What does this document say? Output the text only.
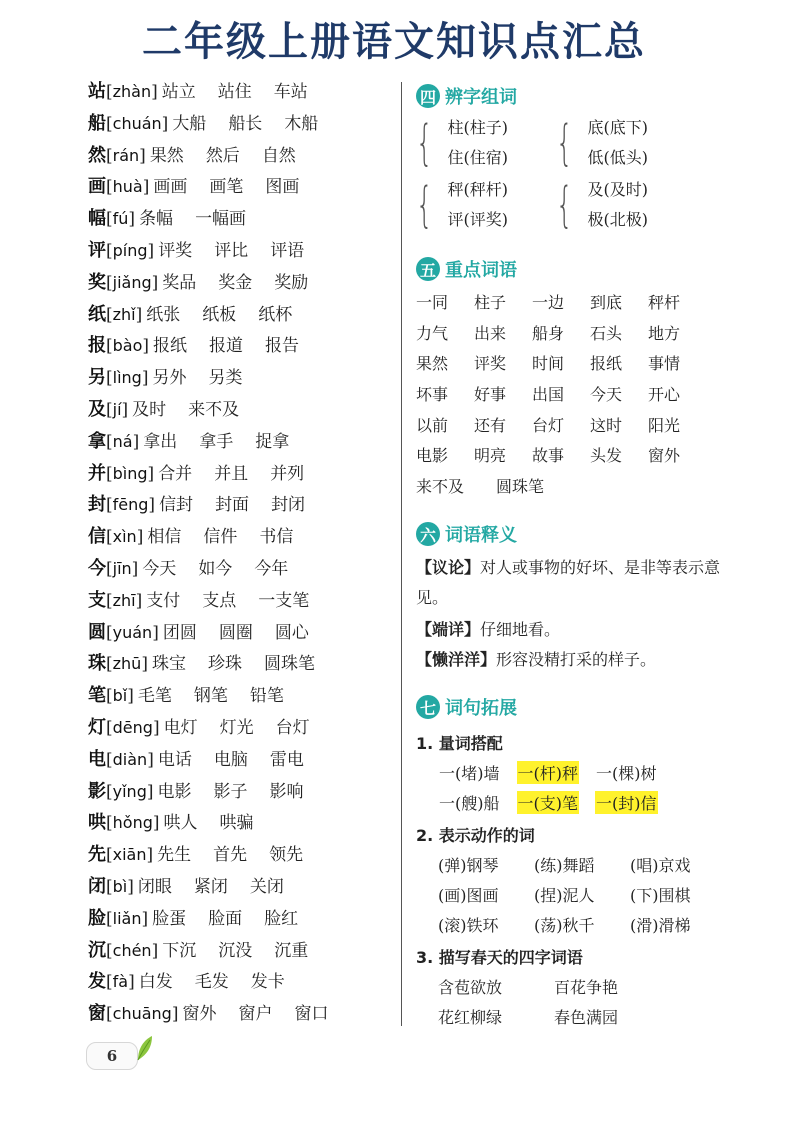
二年级上册语文知识点汇总
站[zhàn] 站立 站住 车站
船[chuán] 大船 船长 木船
然[rán] 果然 然后 自然
画[huà] 画画 画笔 图画
幅[fú] 条幅 一幅画
评[píng] 评奖 评比 评语
奖[jiǎng] 奖品 奖金 奖励
纸[zhǐ] 纸张 纸板 纸杯
报[bào] 报纸 报道 报告
另[lìng] 另外 另类
及[jí] 及时 来不及
拿[ná] 拿出 拿手 捉拿
并[bìng] 合并 并且 并列
封[fēng] 信封 封面 封闭
信[xìn] 相信 信件 书信
今[jīn] 今天 如今 今年
支[zhī] 支付 支点 一支笔
圆[yuán] 团圆 圆圈 圆心
珠[zhū] 珠宝 珍珠 圆珠笔
笔[bǐ] 毛笔 钢笔 铅笔
灯[dēng] 电灯 灯光 台灯
电[diàn] 电话 电脑 雷电
影[yǐng] 电影 影子 影响
哄[hǒng] 哄人 哄骗
先[xiān] 先生 首先 领先
闭[bì] 闭眼 紧闭 关闭
脸[liǎn] 脸蛋 脸面 脸红
沉[chén] 下沉 沉没 沉重
发[fà] 白发 毛发 发卡
窗[chuāng] 窗外 窗户 窗口
四 辨字组词
{ 柱(柱子)
住(住宿) { 底(底下)
低(低头)
{ 秤(秤杆)
评(评奖) { 及(及时)
极(北极)
五 重点词语
一同 柱子 一边 到底 秤杆
力气 出来 船身 石头 地方
果然 评奖 时间 报纸 事情
坏事 好事 出国 今天 开心
以前 还有 台灯 这时 阳光
电影 明亮 故事 头发 窗外
来不及 圆珠笔
六 词语释义
【议论】对人或事物的好坏、是非等表示意见。
【端详】仔细地看。
【懒洋洋】形容没精打采的样子。
七 词句拓展
1. 量词搭配
一(堵)墙 一(杆)秤 一(棵)树
一(艘)船 一(支)笔 一(封)信
2. 表示动作的词
(弹)钢琴 (练)舞蹈 (唱)京戏
(画)图画 (捏)泥人 (下)围棋
(滚)铁环 (荡)秋千 (滑)滑梯
3. 描写春天的四字词语
含苞欲放	百花争艳
花红柳绿	春色满园
6
